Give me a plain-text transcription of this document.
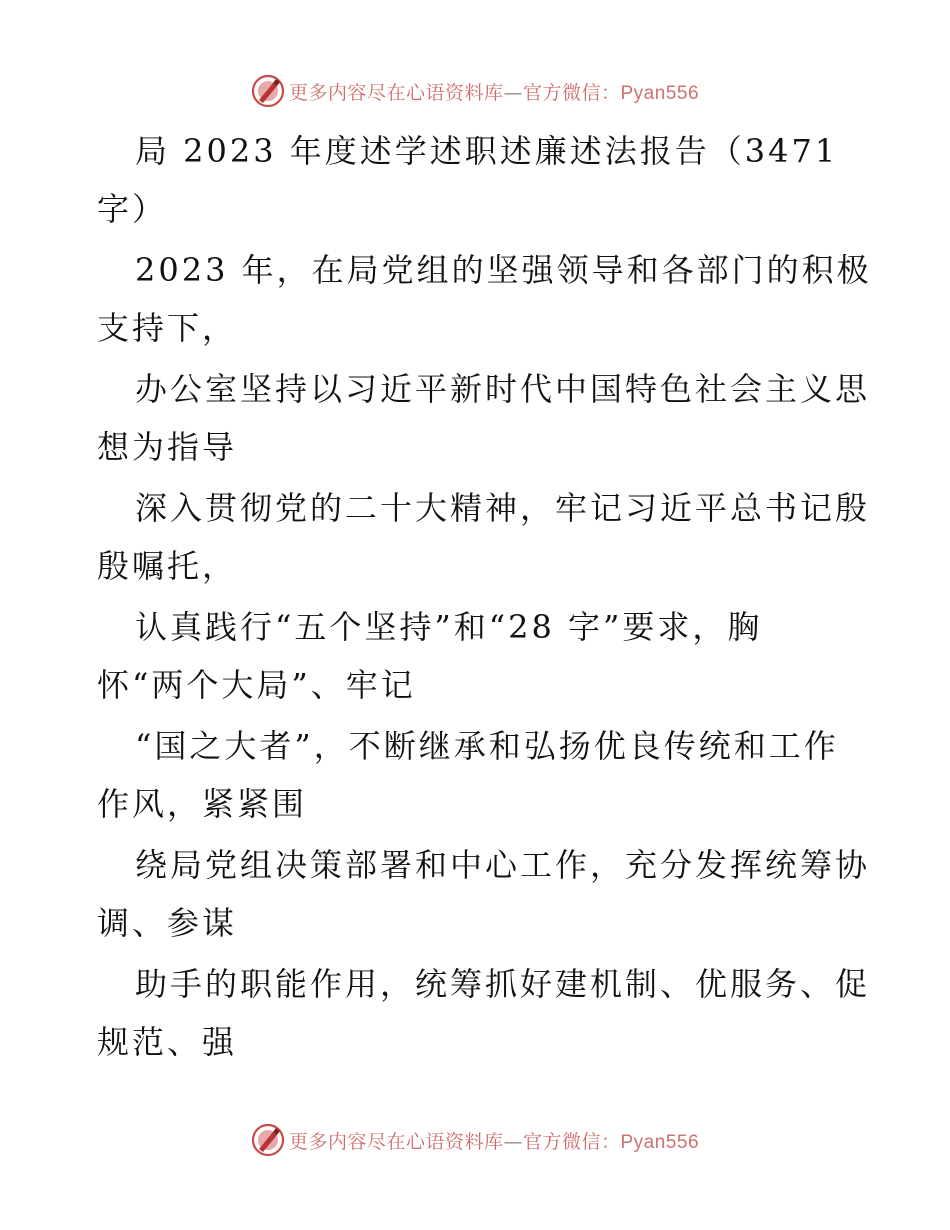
更多内容尽在心语资料库—官方微信：Pyan556

局 2023 年度述学述职述廉述法报告（3471
字）

2023 年，在局党组的坚强领导和各部门的积极
支持下，

办公室坚持以习近平新时代中国特色社会主义思
想为指导

深入贯彻党的二十大精神，牢记习近平总书记殷
殷嘱托，

认真践行“五个坚持”和“28 字”要求，胸
怀“两个大局”、牢记

“国之大者”，不断继承和弘扬优良传统和工作
作风，紧紧围

绕局党组决策部署和中心工作，充分发挥统筹协
调、参谋

助手的职能作用，统筹抓好建机制、优服务、促
规范、强

更多内容尽在心语资料库—官方微信：Pyan556
